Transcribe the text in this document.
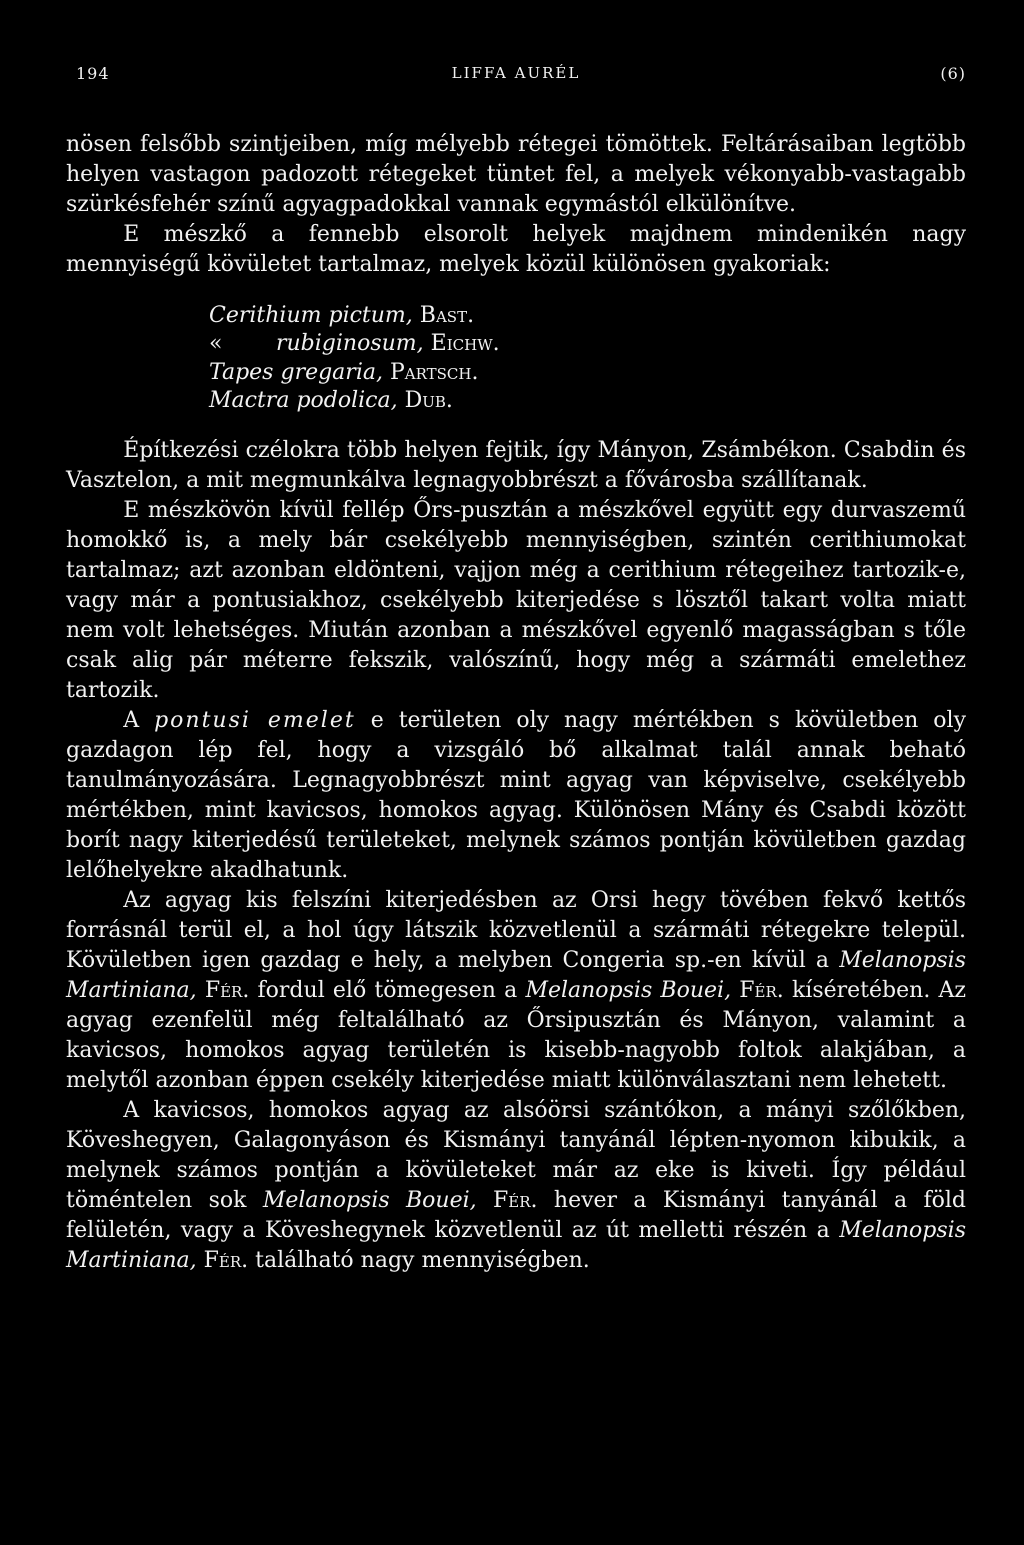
194	LIFFA AURÉL	(6)

nösen felsőbb szintjeiben, míg mélyebb rétegei tömöttek. Feltárásaiban legtöbb helyen vastagon padozott rétegeket tüntet fel, a melyek vékonyabb-vastagabb szürkésfehér színű agyagpadokkal vannak egymástól elkülönítve.

E mészkő a fennebb elsorolt helyek majdnem mindenikén nagy mennyiségű kövületet tartalmaz, melyek közül különösen gyakoriak:

Cerithium pictum, Bast.
« rubiginosum, Eichw.
Tapes gregaria, Partsch.
Mactra podolica, Dub.

Építkezési czélokra több helyen fejtik, így Mányon, Zsámbékon. Csabdin és Vasztelon, a mit megmunkálva legnagyobbrészt a fővárosba szállítanak.

E mészkövön kívül fellép Őrs-pusztán a mészkővel együtt egy durvaszemű homokkő is, a mely bár csekélyebb mennyiségben, szintén cerithiumokat tartalmaz; azt azonban eldönteni, vajjon még a cerithium rétegeihez tartozik-e, vagy már a pontusiakhoz, csekélyebb kiterjedése s lösztől takart volta miatt nem volt lehetséges. Miután azonban a mészkővel egyenlő magasságban s tőle csak alig pár méterre fekszik, valószínű, hogy még a szármáti emelethez tartozik.

A pontusi emelet e területen oly nagy mértékben s kövületben oly gazdagon lép fel, hogy a vizsgáló bő alkalmat talál annak beható tanulmányozására. Legnagyobbrészt mint agyag van képviselve, csekélyebb mértékben, mint kavicsos, homokos agyag. Különösen Mány és Csabdi között borít nagy kiterjedésű területeket, melynek számos pontján kövületben gazdag lelőhelyekre akadhatunk.

Az agyag kis felszíni kiterjedésben az Orsi hegy tövében fekvő kettős forrásnál terül el, a hol úgy látszik közvetlenül a szármáti rétegekre települ. Kövületben igen gazdag e hely, a melyben Congeria sp.-en kívül a Melanopsis Martiniana, Fér. fordul elő tömegesen a Melanopsis Bouei, Fér. kíséretében. Az agyag ezenfelül még feltalálható az Őrsipusztán és Mányon, valamint a kavicsos, homokos agyag területén is kisebb-nagyobb foltok alakjában, a melytől azonban éppen csekély kiterjedése miatt különválasztani nem lehetett.

A kavicsos, homokos agyag az alsóörsi szántókon, a mányi szőlőkben, Köveshegyen, Galagonyáson és Kismányi tanyánál lépten-nyomon kibukik, a melynek számos pontján a kövületeket már az eke is kiveti. Így például töméntelen sok Melanopsis Bouei, Fér. hever a Kismányi tanyánál a föld felületén, vagy a Köveshegynek közvetlenül az út melletti részén a Melanopsis Martiniana, Fér. található nagy mennyiségben.
